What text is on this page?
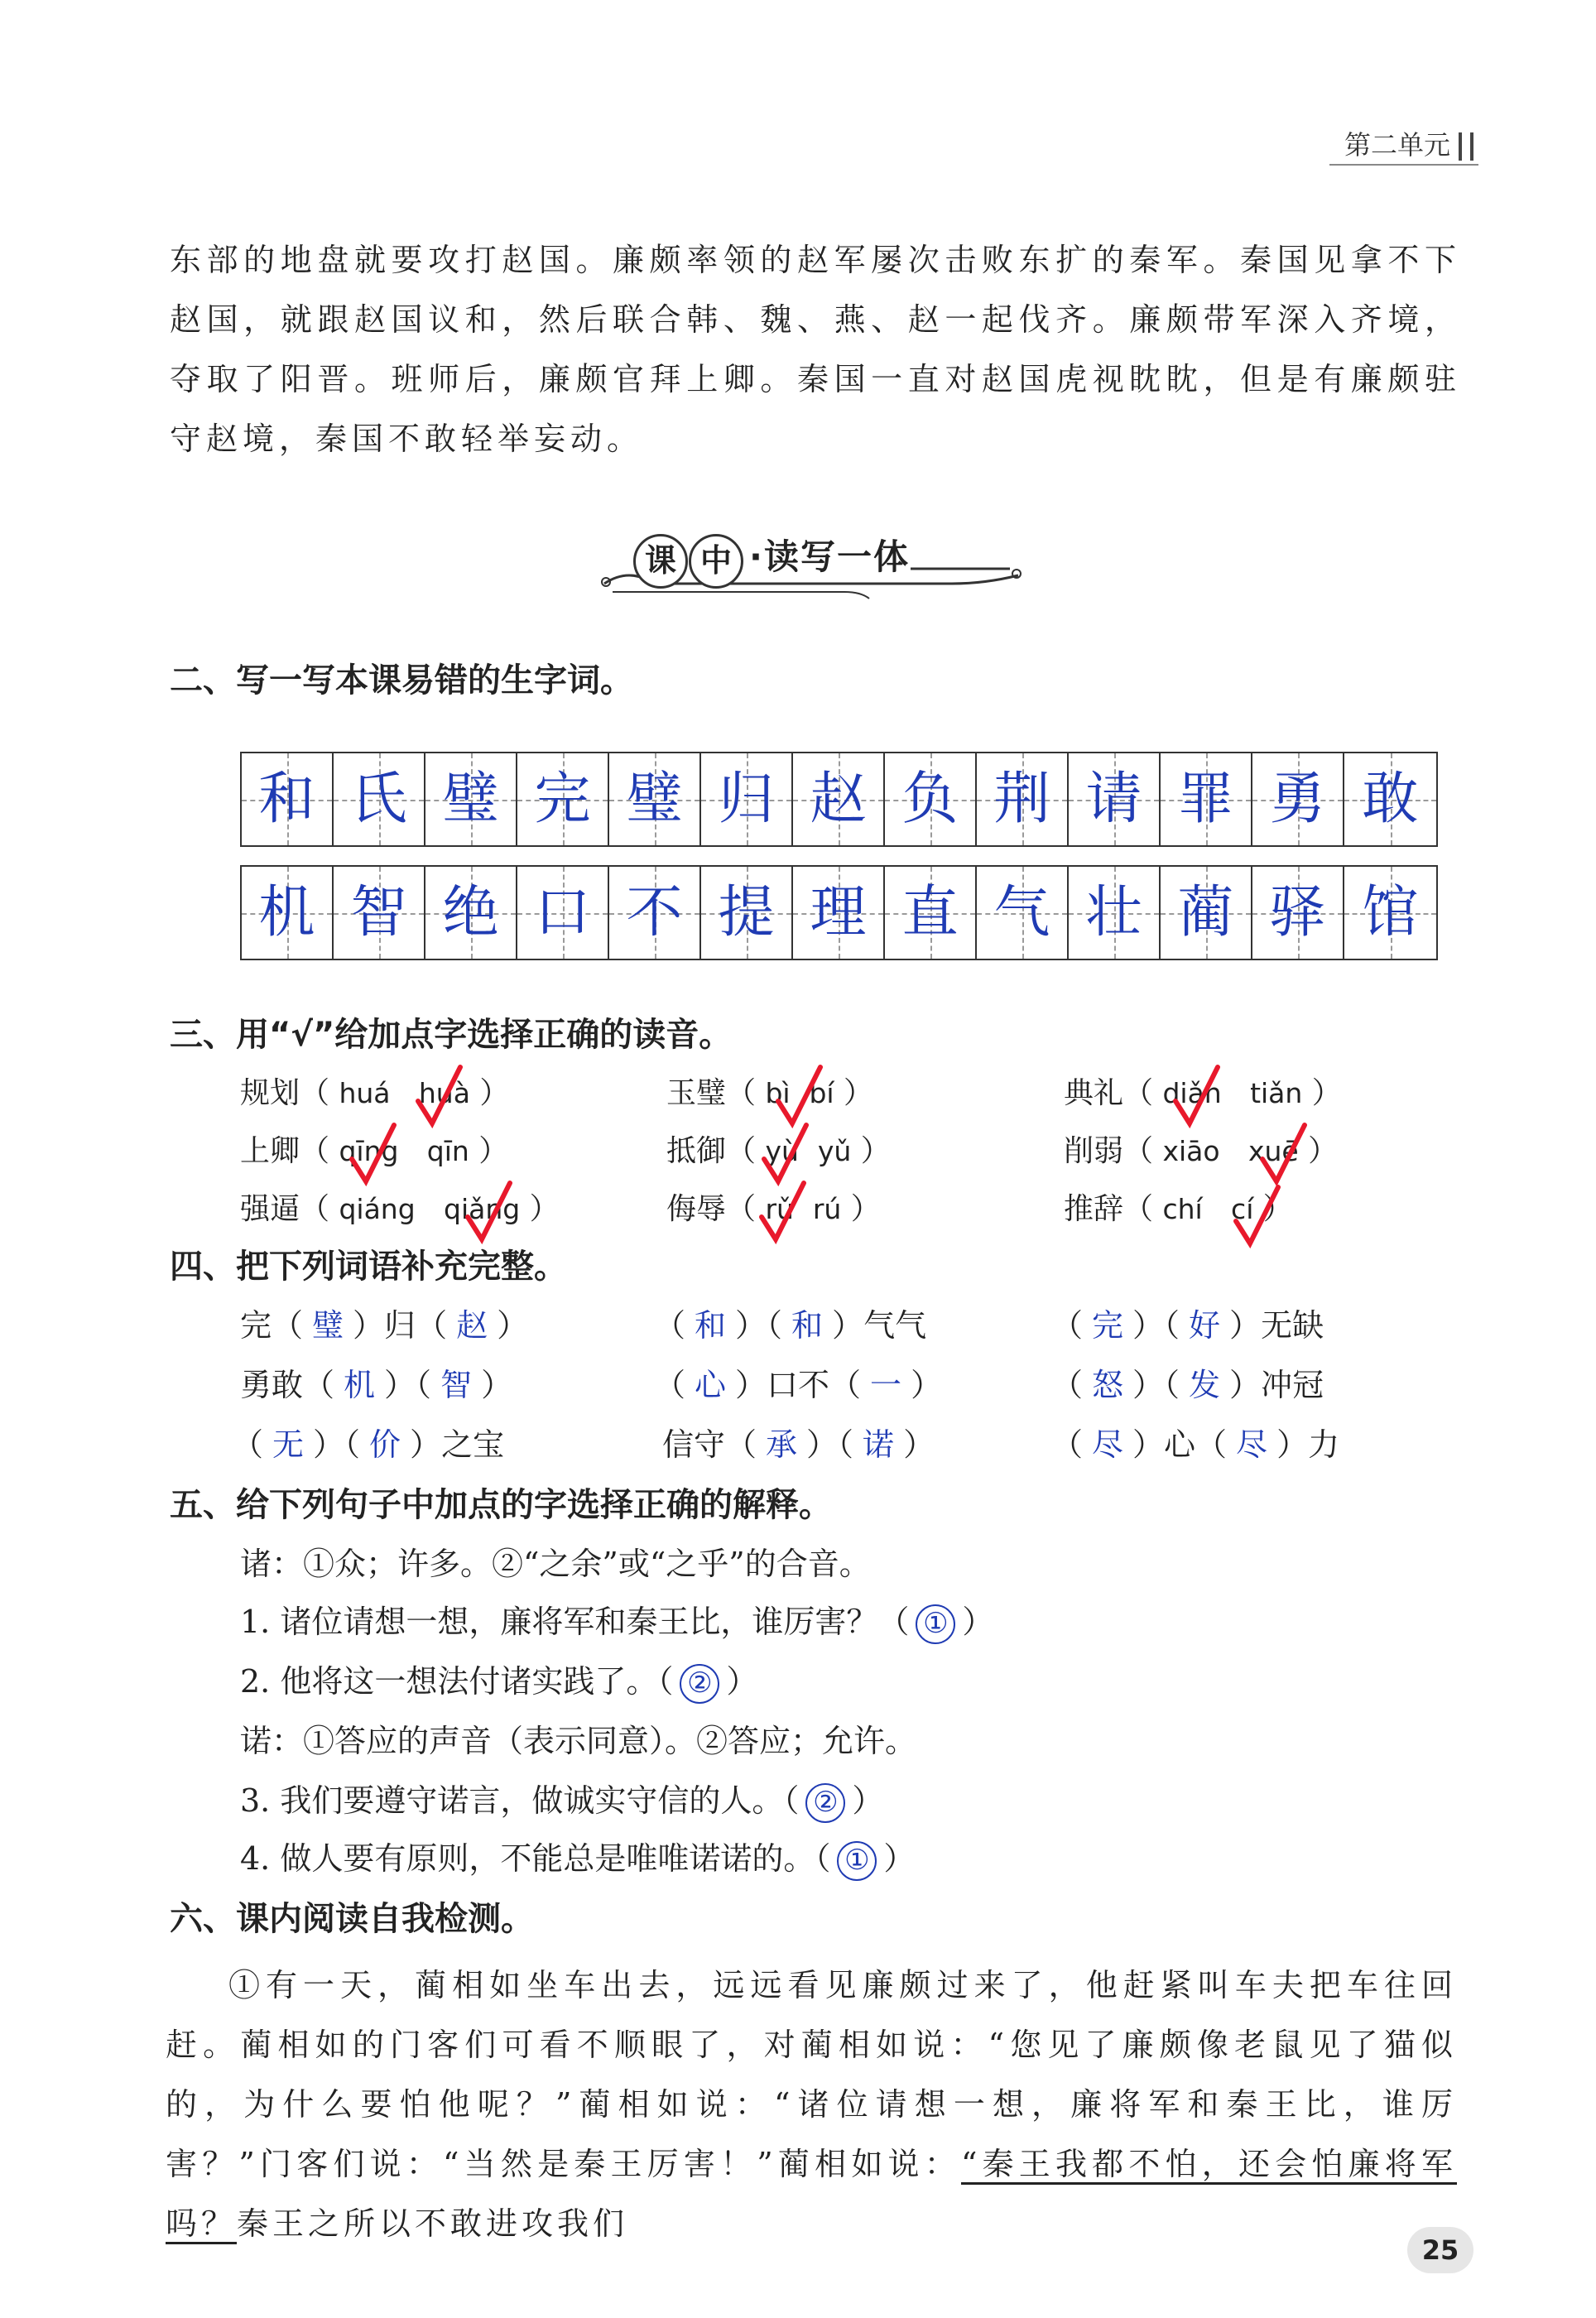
第二单元
东部的地盘就要攻打赵国。廉颇率领的赵军屡次击败东扩的秦军。秦国见拿不下赵国，就跟赵国议和，然后联合韩、魏、燕、赵一起伐齐。廉颇带军深入齐境，夺取了阳晋。班师后，廉颇官拜上卿。秦国一直对赵国虎视眈眈，但是有廉颇驻守赵境，秦国不敢轻举妄动。
课 中 ·读写一体
二、写一写本课易错的生字词。
和 氏 璧 完 璧 归 赵 负 荆 请 罪 勇 敢
机 智 绝 口 不 提 理 直 气 壮 蔺 驿 馆
三、用“√”给加点字选择正确的读音。
规划（ huá huà ）	玉璧（ bì bí ）	典礼（ diǎn tiǎn ）
上卿（ qīng qīn ）	抵御（ yù yǔ ）	削弱（ xiāo xuē ）
强逼（ qiáng qiǎng ）	侮辱（ rǔ rú ）	推辞（ chí cí ）
四、把下列词语补充完整。
完（ 璧 ）归（ 赵 ）	（ 和 ）（ 和 ）气气	（ 完 ）（ 好 ）无缺
勇敢（ 机 ）（ 智 ）	（ 心 ）口不（ 一 ）	（ 怒 ）（ 发 ）冲冠
（ 无 ）（ 价 ）之宝	信守（ 承 ）（ 诺 ）	（ 尽 ）心（ 尽 ）力
五、给下列句子中加点的字选择正确的解释。
诸：①众；许多。②“之余”或“之乎”的合音。
1. 诸位请想一想，廉将军和秦王比，谁厉害？（ ① ）
2. 他将这一想法付诸实践了。（ ② ）
诺：①答应的声音（表示同意）。②答应；允许。
3. 我们要遵守诺言，做诚实守信的人。（ ② ）
4. 做人要有原则，不能总是唯唯诺诺的。（ ① ）
六、课内阅读自我检测。
①有一天，蔺相如坐车出去，远远看见廉颇过来了，他赶紧叫车夫把车往回赶。蔺相如的门客们可看不顺眼了，对蔺相如说：“您见了廉颇像老鼠见了猫似的，为什么要怕他呢？”蔺相如说：“诸位请想一想，廉将军和秦王比，谁厉害？”门客们说：“当然是秦王厉害！”蔺相如说：“秦王我都不怕，还会怕廉将军吗？秦王之所以不敢进攻我们
25
